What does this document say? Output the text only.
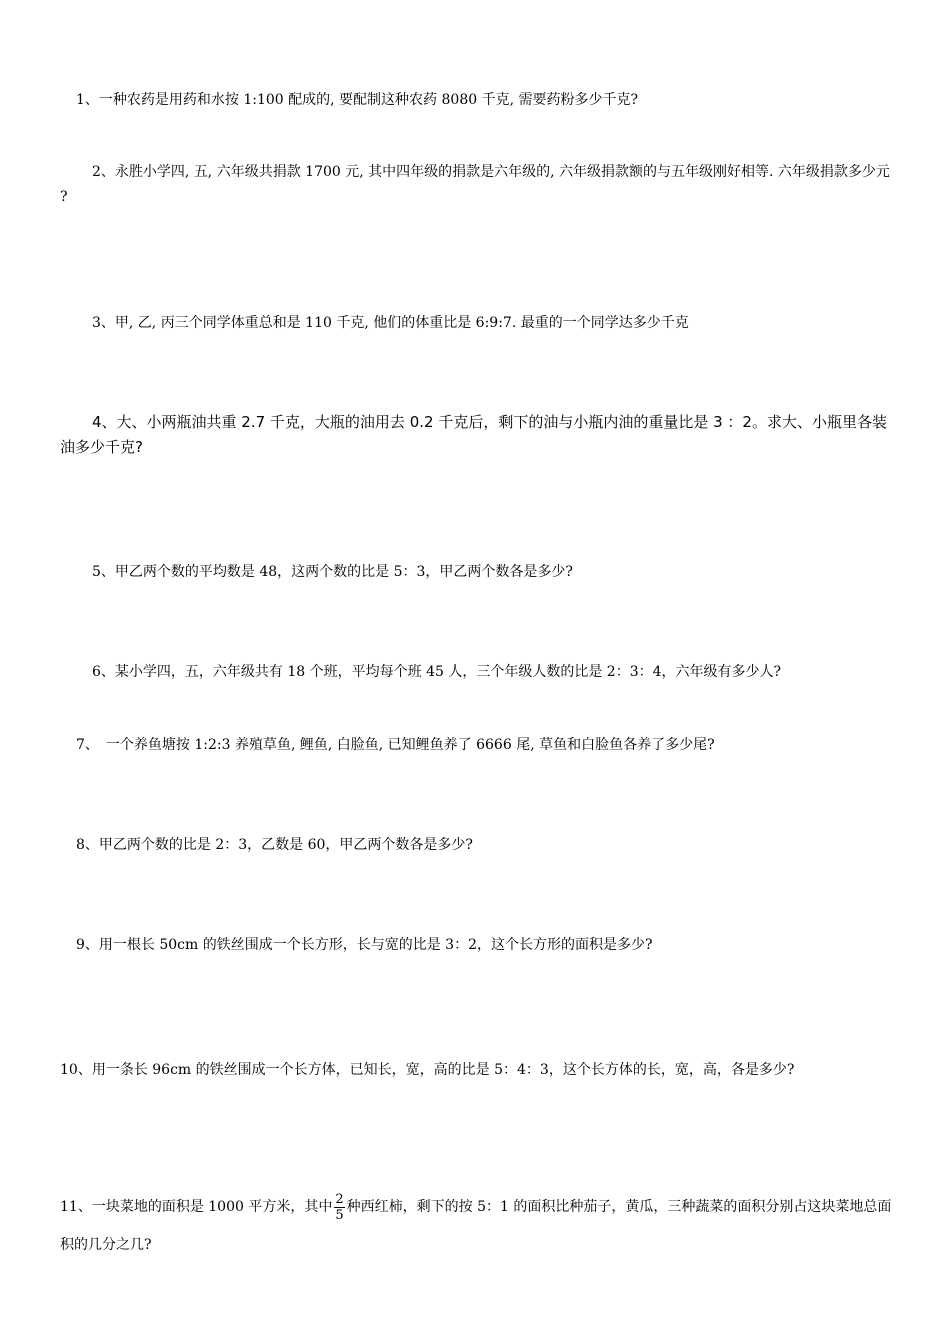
1、一种农药是用药和水按 1:100 配成的, 要配制这种农药 8080 千克, 需要药粉多少千克?
2、永胜小学四, 五, 六年级共捐款 1700 元, 其中四年级的捐款是六年级的, 六年级捐款额的与五年级刚好相等. 六年级捐款多少元 ?
3、甲, 乙, 丙三个同学体重总和是 110 千克, 他们的体重比是 6:9:7. 最重的一个同学达多少千克
4、大、小两瓶油共重 2.7 千克，大瓶的油用去 0.2 千克后，剩下的油与小瓶内油的重量比是 3 ：2。求大、小瓶里各装油多少千克?
5、甲乙两个数的平均数是 48，这两个数的比是 5：3，甲乙两个数各是多少?
6、某小学四，五，六年级共有 18 个班，平均每个班 45 人，三个年级人数的比是 2：3：4，六年级有多少人?
7、　一个养鱼塘按 1:2:3 养殖草鱼, 鲤鱼, 白脸鱼, 已知鲤鱼养了 6666 尾, 草鱼和白脸鱼各养了多少尾?
8、甲乙两个数的比是 2：3，乙数是 60，甲乙两个数各是多少?
9、用一根长 50cm 的铁丝围成一个长方形，长与宽的比是 3：2，这个长方形的面积是多少?
10、用一条长 96cm 的铁丝围成一个长方体，已知长，宽，高的比是 5：4：3，这个长方体的长，宽，高，各是多少?
11、一块菜地的面积是 1000 平方米，其中 $\frac{2}{5}$ 种西红柿，剩下的按 5：1 的面积比种茄子，黄瓜，三种蔬菜的面积分别占这块菜地总面积的几分之几?
